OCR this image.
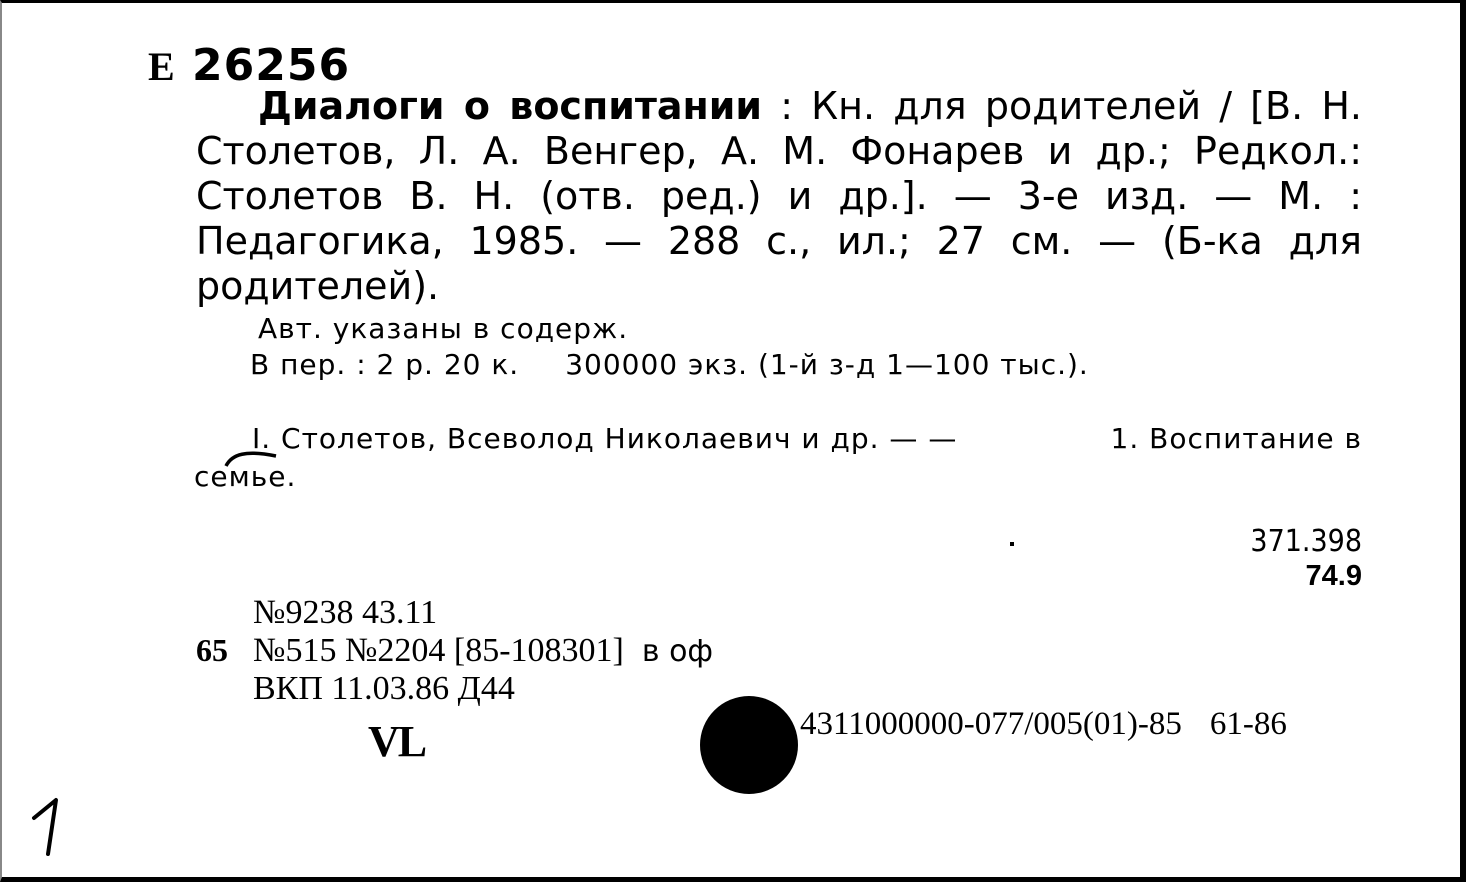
Е 26256
Диалоги о воспитании : Кн. для родителей / [В. Н. Столетов, Л. А. Венгер, А. М. Фонарев и др.; Редкол.: Столетов В. Н. (отв. ред.) и др.]. — 3-е изд. — М. : Педагогика, 1985. — 288 с., ил.; 27 см. — (Б-ка для родителей).
Авт. указаны в содерж.
В пер. : 2 р. 20 к. 300000 экз. (1-й з-д 1—100 тыс.).
I. Столетов, Всеволод Николаевич и др. — —	1. Воспитание в
семье.
371.398
74.9
№9238 43.11
65 №515 №2204 [85-108301] в оф
ВКП 11.03.86 Д44
VL	4311000000-077/005(01)-85 61-86
